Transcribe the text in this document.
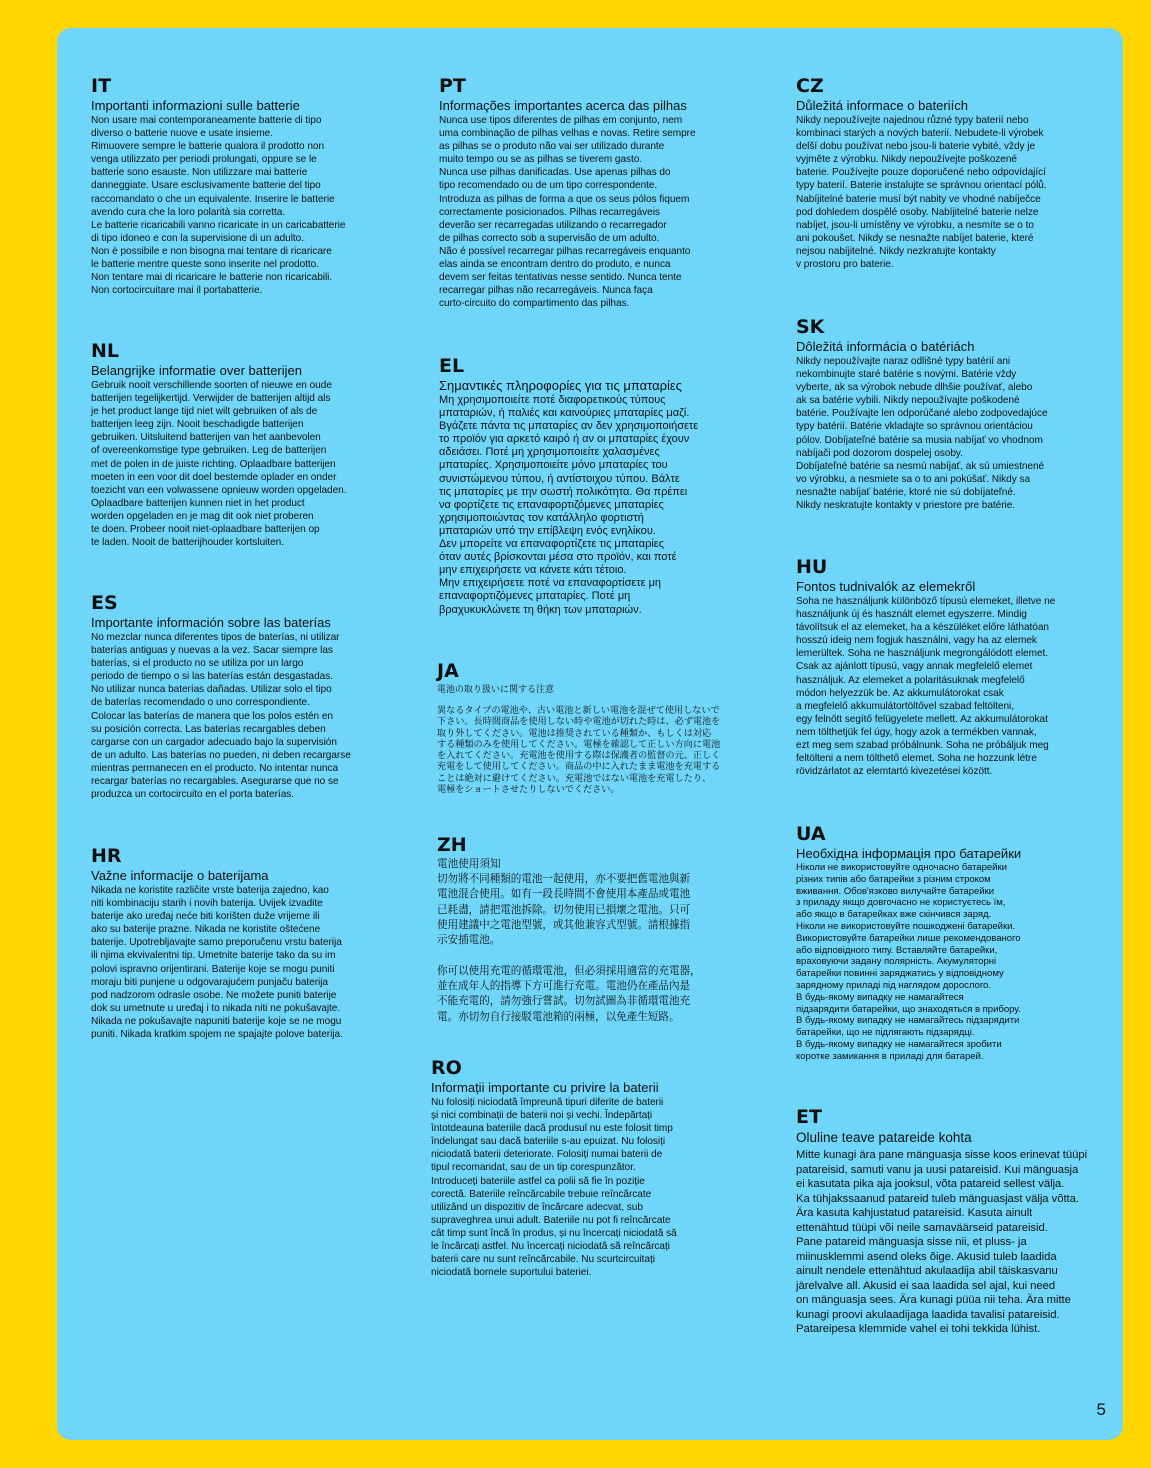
IT
Importanti informazioni sulle batterie
Non usare mai contemporaneamente batterie di tipo
diverso o batterie nuove e usate insieme.
Rimuovere sempre le batterie qualora il prodotto non
venga utilizzato per periodi prolungati, oppure se le
batterie sono esauste. Non utilizzare mai batterie
danneggiate. Usare esclusivamente batterie del tipo
raccomandato o che un equivalente. Inserire le batterie
avendo cura che la loro polarità sia corretta.
Le batterie ricaricabili vanno ricaricate in un caricabatterie
di tipo idoneo e con la supervisione di un adulto.
Non è possibile e non bisogna mai tentare di ricaricare
le batterie mentre queste sono inserite nel prodotto.
Non tentare mai di ricaricare le batterie non ricaricabili.
Non cortocircuitare mai il portabatterie.
NL
Belangrijke informatie over batterijen
Gebruik nooit verschillende soorten of nieuwe en oude
batterijen tegelijkertijd. Verwijder de batterijen altijd als
je het product lange tijd niet wilt gebruiken of als de
batterijen leeg zijn. Nooit beschadigde batterijen
gebruiken. Uitsluitend batterijen van het aanbevolen
of overeenkomstige type gebruiken. Leg de batterijen
met de polen in de juiste richting. Oplaadbare batterijen
moeten in een voor dit doel bestemde oplader en onder
toezicht van een volwassene opnieuw worden opgeladen.
Oplaadbare batterijen kunnen niet in het product
worden opgeladen en je mag dit ook niet proberen
te doen. Probeer nooit niet-oplaadbare batterijen op
te laden. Nooit de batterijhouder kortsluiten.
ES
Importante información sobre las baterías
No mezclar nunca diferentes tipos de baterías, ni utilizar
baterías antiguas y nuevas a la vez. Sacar siempre las
baterías, si el producto no se utiliza por un largo
periodo de tiempo o si las baterías están desgastadas.
No utilizar nunca baterías dañadas. Utilizar solo el tipo
de baterías recomendado o uno correspondiente.
Colocar las baterías de manera que los polos estén en
su posición correcta. Las baterías recargables deben
cargarse con un cargador adecuado bajo la supervisión
de un adulto. Las baterías no pueden, ni deben recargarse
mientras permanecen en el producto. No intentar nunca
recargar baterías no recargables. Asegurarse que no se
produzca un cortocircuito en el porta baterías.
HR
Važne informacije o baterijama
Nikada ne koristite različite vrste baterija zajedno, kao
niti kombinaciju starih i novih baterija. Uvijek izvadite
baterije ako uređaj neće biti korišten duže vrijeme ili
ako su baterije prazne. Nikada ne koristite oštećene
baterije. Upotrebljavajte samo preporučenu vrstu baterija
ili njima ekvivalentni tip. Umetnite baterije tako da su im
polovi ispravno orijentirani. Baterije koje se mogu puniti
moraju biti punjene u odgovarajućem punjaču baterija
pod nadzorom odrasle osobe. Ne možete puniti baterije
dok su umetnute u uređaj i to nikada niti ne pokušavajte.
Nikada ne pokušavajte napuniti baterije koje se ne mogu
puniti. Nikada kratkim spojem ne spajajte polove baterija.
PT
Informações importantes acerca das pilhas
Nunca use tipos diferentes de pilhas em conjunto, nem
uma combinação de pilhas velhas e novas. Retire sempre
as pilhas se o produto não vai ser utilizado durante
muito tempo ou se as pilhas se tiverem gasto.
Nunca use pilhas danificadas. Use apenas pilhas do
tipo recomendado ou de um tipo correspondente.
Introduza as pilhas de forma a que os seus pólos fiquem
correctamente posicionados. Pilhas recarregáveis
deverão ser recarregadas utilizando o recarregador
de pilhas correcto sob a supervisão de um adulto.
Não é possível recarregar pilhas recarregáveis enquanto
elas ainda se encontram dentro do produto, e nunca
devem ser feitas tentativas nesse sentido. Nunca tente
recarregar pilhas não recarregáveis. Nunca faça
curto-circuito do compartimento das pilhas.
EL
Σημαντικές πληροφορίες για τις μπαταρίες
Μη χρησιμοποιείτε ποτέ διαφορετικούς τύπους
μπαταριών, ή παλιές και καινούριες μπαταρίες μαζί.
Βγάζετε πάντα τις μπαταρίες αν δεν χρησιμοποιήσετε
το προϊόν για αρκετό καιρό ή αν οι μπαταρίες έχουν
αδειάσει. Ποτέ μη χρησιμοποιείτε χαλασμένες
μπαταρίες. Χρησιμοποιείτε μόνο μπαταρίες του
συνιστώμενου τύπου, ή αντίστοιχου τύπου. Βάλτε
τις μπαταρίες με την σωστή πολικότητα. Θα πρέπει
να φορτίζετε τις επαναφορτιζόμενες μπαταρίες
χρησιμοποιώντας τον κατάλληλο φορτιστή
μπαταριών υπό την επίβλεψη ενός ενηλίκου.
Δεν μπορείτε να επαναφορτίζετε τις μπαταρίες
όταν αυτές βρίσκονται μέσα στο προϊόν, και ποτέ
μην επιχειρήσετε να κάνετε κάτι τέτοιο.
Μην επιχειρήσετε ποτέ να επαναφορτίσετε μη
επαναφορτιζόμενες μπαταρίες. Ποτέ μη
βραχυκυκλώνετε τη θήκη των μπαταριών.
JA
電池の取り扱いに関する注意
異なるタイプの電池や、古い電池と新しい電池を混ぜて使用しないで
下さい。長時間商品を使用しない時や電池が切れた時は、必ず電池を
取り外してください。電池は推奨されている種類か、もしくは対応
する種類のみを使用してください。電極を確認して正しい方向に電池
を入れてください。充電池を使用する際は保護者の監督の元、正しく
充電をして使用してください。商品の中に入れたまま電池を充電する
ことは絶対に避けてください。充電池ではない電池を充電したり、
電極をショートさせたりしないでください。
ZH
電池使用須知
切勿將不同種類的電池一起使用，亦不要把舊電池與新
電池混合使用。如有一段長時間不會使用本產品或電池
已耗盡，請把電池拆除。切勿使用已損壞之電池。只可
使用建議中之電池型號，或其他兼容式型號。請根據指
示安插電池。

你可以使用充電的循環電池，但必須採用適當的充電器，
並在成年人的指導下方可進行充電。電池仍在產品內是
不能充電的，請勿強行嘗試。切勿試圖為非循環電池充
電。亦切勿自行接駁電池箱的兩極，以免產生短路。
RO
Informații importante cu privire la baterii
Nu folosiți niciodată împreună tipuri diferite de baterii
și nici combinații de baterii noi și vechi. Îndepărtați
întotdeauna bateriile dacă produsul nu este folosit timp
îndelungat sau dacă bateriile s-au epuizat. Nu folosiți
niciodată baterii deteriorate. Folosiți numai baterii de
tipul recomandat, sau de un tip corespunzător.
Introduceți bateriile astfel ca polii să fie în poziție
corectă. Bateriile reîncărcabile trebuie reîncărcate
utilizând un dispozitiv de încărcare adecvat, sub
supraveghrea unui adult. Bateriile nu pot fi reîncărcate
cât timp sunt încă în produs, și nu încercați niciodată să
le încărcați astfel. Nu încercați niciodată să reîncărcați
baterii care nu sunt reîncărcabile. Nu scurtcircuitați
niciodată bornele suportului bateriei.
CZ
Důležitá informace o bateriích
Nikdy nepoužívejte najednou různé typy baterií nebo
kombinaci starých a nových baterií. Nebudete-li výrobek
delší dobu používat nebo jsou-li baterie vybité, vždy je
vyjměte z výrobku. Nikdy nepoužívejte poškozené
baterie. Používejte pouze doporučené nebo odpovídající
typy baterií. Baterie instalujte se správnou orientací pólů.
Nabíjitelné baterie musí být nabity ve vhodné nabíječce
pod dohledem dospělé osoby. Nabíjitelné baterie nelze
nabíjet, jsou-li umístěny ve výrobku, a nesmíte se o to
ani pokoušet. Nikdy se nesnažte nabíjet baterie, které
nejsou nabíjitelné. Nikdy nezkratujte kontakty
v prostoru pro baterie.
SK
Dôležitá informácia o batériách
Nikdy nepoužívajte naraz odlišné typy batérií ani
nekombinujte staré batérie s novými. Batérie vždy
vyberte, ak sa výrobok nebude dlhšie používať, alebo
ak sa batérie vybili. Nikdy nepoužívajte poškodené
batérie. Používajte len odporúčané alebo zodpovedajúce
typy batérií. Batérie vkladajte so správnou orientáciou
pólov. Dobíjateľné batérie sa musia nabíjať vo vhodnom
nabíjači pod dozorom dospelej osoby.
Dobíjateľné batérie sa nesmú nabíjať, ak sú umiestnené
vo výrobku, a nesmiete sa o to ani pokúšať. Nikdy sa
nesnažte nabíjať batérie, ktoré nie sú dobíjateľné.
Nikdy neskratujte kontakty v priestore pre batérie.
HU
Fontos tudnivalók az elemekről
Soha ne használjunk különböző típusú elemeket, illetve ne
használjunk új és használt elemet egyszerre. Mindig
távolítsuk el az elemeket, ha a készüléket előre láthatóan
hosszú ideig nem fogjuk használni, vagy ha az elemek
lemerültek. Soha ne használjunk megrongálódott elemet.
Csak az ajánlott típusú, vagy annak megfelelő elemet
használjuk. Az elemeket a polaritásuknak megfelelő
módon helyezzük be. Az akkumulátorokat csak
a megfelelő akkumulátortöltővel szabad feltölteni,
egy felnőtt segítő felügyelete mellett. Az akkumulátorokat
nem tölthetjük fel úgy, hogy azok a termékben vannak,
ezt meg sem szabad próbálnunk. Soha ne próbáljuk meg
feltölteni a nem tölthető elemet. Soha ne hozzunk létre
rövidzárlatot az elemtartó kivezetései között.
UA
Необхідна інформація про батарейки
Ніколи не використовуйте одночасно батарейки
різних типів або батарейки з різним строком
вживання. Обов'язково вилучайте батарейки
з приладу якщо довгочасно не користуєтесь їм,
або якщо в батарейках вже скінчився заряд.
Ніколи не використовуйте пошкоджені батарейки.
Використовуйте батарейки лише рекомендованого
або відповідного типу. Вставляйте батарейки,
враховуючи задану полярність. Акумуляторні
батарейки повинні заряджатись у відповідному
зарядному приладі під наглядом дорослого.
В будь-якому випадку не намагайтеся
підзарядити батарейки, що знаходяться в прибору.
В будь-якому випадку не намагайтесь підзарядити
батарейки, що не підлягають підзарядці.
В будь-якому випадку не намагайтеся зробити
коротке замикання в приладі для батарей.
ET
Oluline teave patareide kohta
Mitte kunagi ära pane mänguasja sisse koos erinevat tüüpi
patareisid, samuti vanu ja uusi patareisid. Kui mänguasja
ei kasutata pika aja jooksul, võta patareid sellest välja.
Ka tühjakssaanud patareid tuleb mänguasjast välja võtta.
Ära kasuta kahjustatud patareisid. Kasuta ainult
ettenähtud tüüpi või neile samaväärseid patareisid.
Pane patareid mänguasja sisse nii, et pluss- ja
miinusklemmi asend oleks õige. Akusid tuleb laadida
ainult nendele ettenähtud akulaadija abil täiskasvanu
järelvalve all. Akusid ei saa laadida sel ajal, kui need
on mänguasja sees. Ära kunagi püüa nii teha. Ära mitte
kunagi proovi akulaadijaga laadida tavalisi patareisid.
Patareipesa klemmide vahel ei tohi tekkida lühist.
5
